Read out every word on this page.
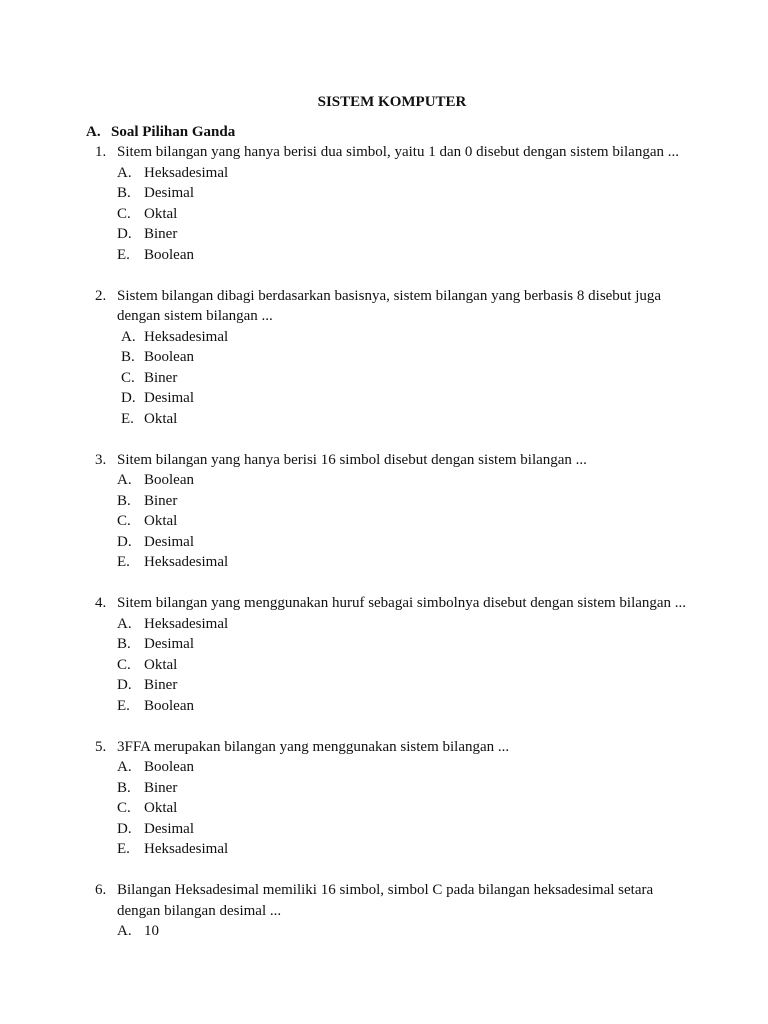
SISTEM KOMPUTER
A. Soal Pilihan Ganda
1. Sitem bilangan yang hanya berisi dua simbol, yaitu 1 dan 0 disebut dengan sistem bilangan ...
A. Heksadesimal
B. Desimal
C. Oktal
D. Biner
E. Boolean
2. Sistem bilangan dibagi berdasarkan basisnya, sistem bilangan yang berbasis 8 disebut juga dengan sistem bilangan ...
A. Heksadesimal
B. Boolean
C. Biner
D. Desimal
E. Oktal
3. Sitem bilangan yang hanya berisi 16 simbol disebut dengan sistem bilangan ...
A. Boolean
B. Biner
C. Oktal
D. Desimal
E. Heksadesimal
4. Sitem bilangan yang menggunakan huruf sebagai simbolnya disebut dengan sistem bilangan ...
A. Heksadesimal
B. Desimal
C. Oktal
D. Biner
E. Boolean
5. 3FFA merupakan bilangan yang menggunakan sistem bilangan ...
A. Boolean
B. Biner
C. Oktal
D. Desimal
E. Heksadesimal
6. Bilangan Heksadesimal memiliki 16 simbol, simbol C pada bilangan heksadesimal setara dengan bilangan desimal ...
A. 10
